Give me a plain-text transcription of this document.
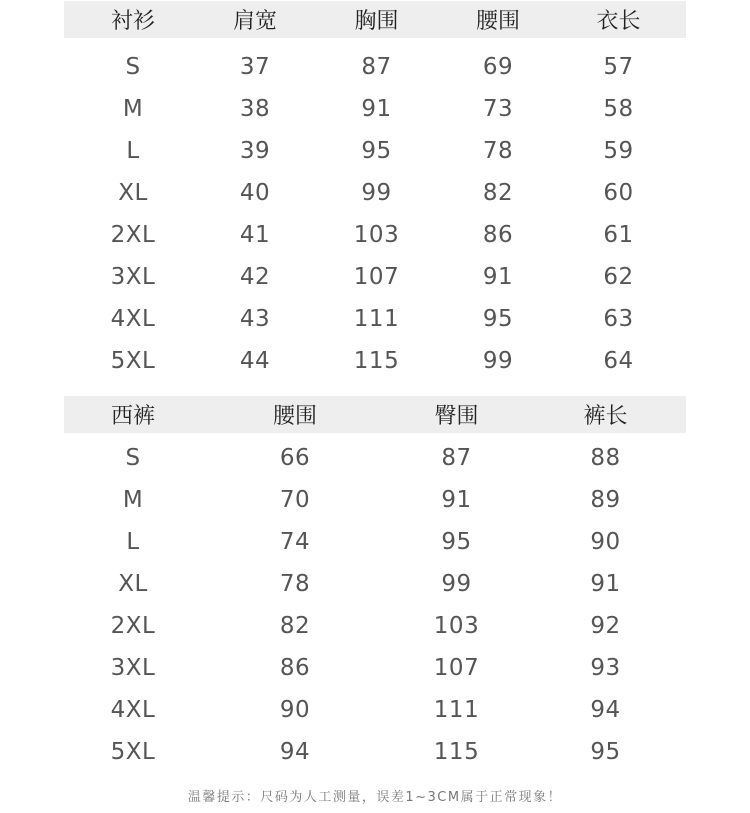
衬衫	肩宽	胸围	腰围	衣长
S	37	87	69	57
M	38	91	73	58
L	39	95	78	59
XL	40	99	82	60
2XL	41	103	86	61
3XL	42	107	91	62
4XL	43	111	95	63
5XL	44	115	99	64
西裤	腰围	臀围	裤长
S	66	87	88
M	70	91	89
L	74	95	90
XL	78	99	91
2XL	82	103	92
3XL	86	107	93
4XL	90	111	94
5XL	94	115	95
温馨提示：尺码为人工测量，误差1~3CM属于正常现象！
